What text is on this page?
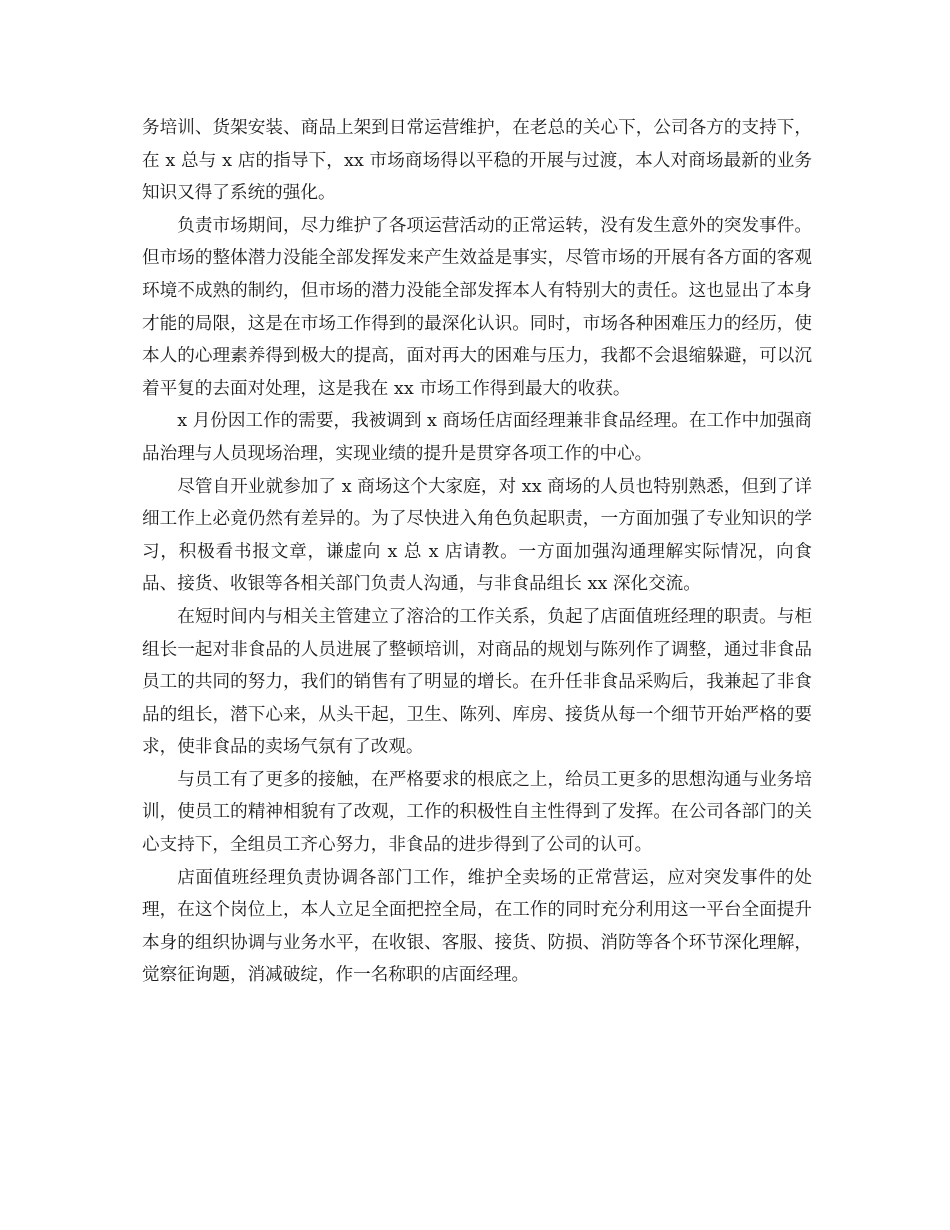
务培训、货架安装、商品上架到日常运营维护，在老总的关心下，公司各方的支持下，在 x 总与 x 店的指导下，xx 市场商场得以平稳的开展与过渡，本人对商场最新的业务知识又得了系统的强化。

负责市场期间，尽力维护了各项运营活动的正常运转，没有发生意外的突发事件。但市场的整体潜力没能全部发挥发来产生效益是事实，尽管市场的开展有各方面的客观环境不成熟的制约，但市场的潜力没能全部发挥本人有特别大的责任。这也显出了本身才能的局限，这是在市场工作得到的最深化认识。同时，市场各种困难压力的经历，使本人的心理素养得到极大的提高，面对再大的困难与压力，我都不会退缩躲避，可以沉着平复的去面对处理，这是我在 xx 市场工作得到最大的收获。

x 月份因工作的需要，我被调到 x 商场任店面经理兼非食品经理。在工作中加强商品治理与人员现场治理，实现业绩的提升是贯穿各项工作的中心。

尽管自开业就参加了 x 商场这个大家庭，对 xx 商场的人员也特别熟悉，但到了详细工作上必竟仍然有差异的。为了尽快进入角色负起职责，一方面加强了专业知识的学习，积极看书报文章，谦虚向 x 总 x 店请教。一方面加强沟通理解实际情况，向食品、接货、收银等各相关部门负责人沟通，与非食品组长 xx 深化交流。

在短时间内与相关主管建立了溶洽的工作关系，负起了店面值班经理的职责。与柜组长一起对非食品的人员进展了整顿培训，对商品的规划与陈列作了调整，通过非食品员工的共同的努力，我们的销售有了明显的增长。在升任非食品采购后，我兼起了非食品的组长，潜下心来，从头干起，卫生、陈列、库房、接货从每一个细节开始严格的要求，使非食品的卖场气氛有了改观。

与员工有了更多的接触，在严格要求的根底之上，给员工更多的思想沟通与业务培训，使员工的精神相貌有了改观，工作的积极性自主性得到了发挥。在公司各部门的关心支持下，全组员工齐心努力，非食品的进步得到了公司的认可。

店面值班经理负责协调各部门工作，维护全卖场的正常营运，应对突发事件的处理，在这个岗位上，本人立足全面把控全局，在工作的同时充分利用这一平台全面提升本身的组织协调与业务水平，在收银、客服、接货、防损、消防等各个环节深化理解，觉察征询题，消减破绽，作一名称职的店面经理。
